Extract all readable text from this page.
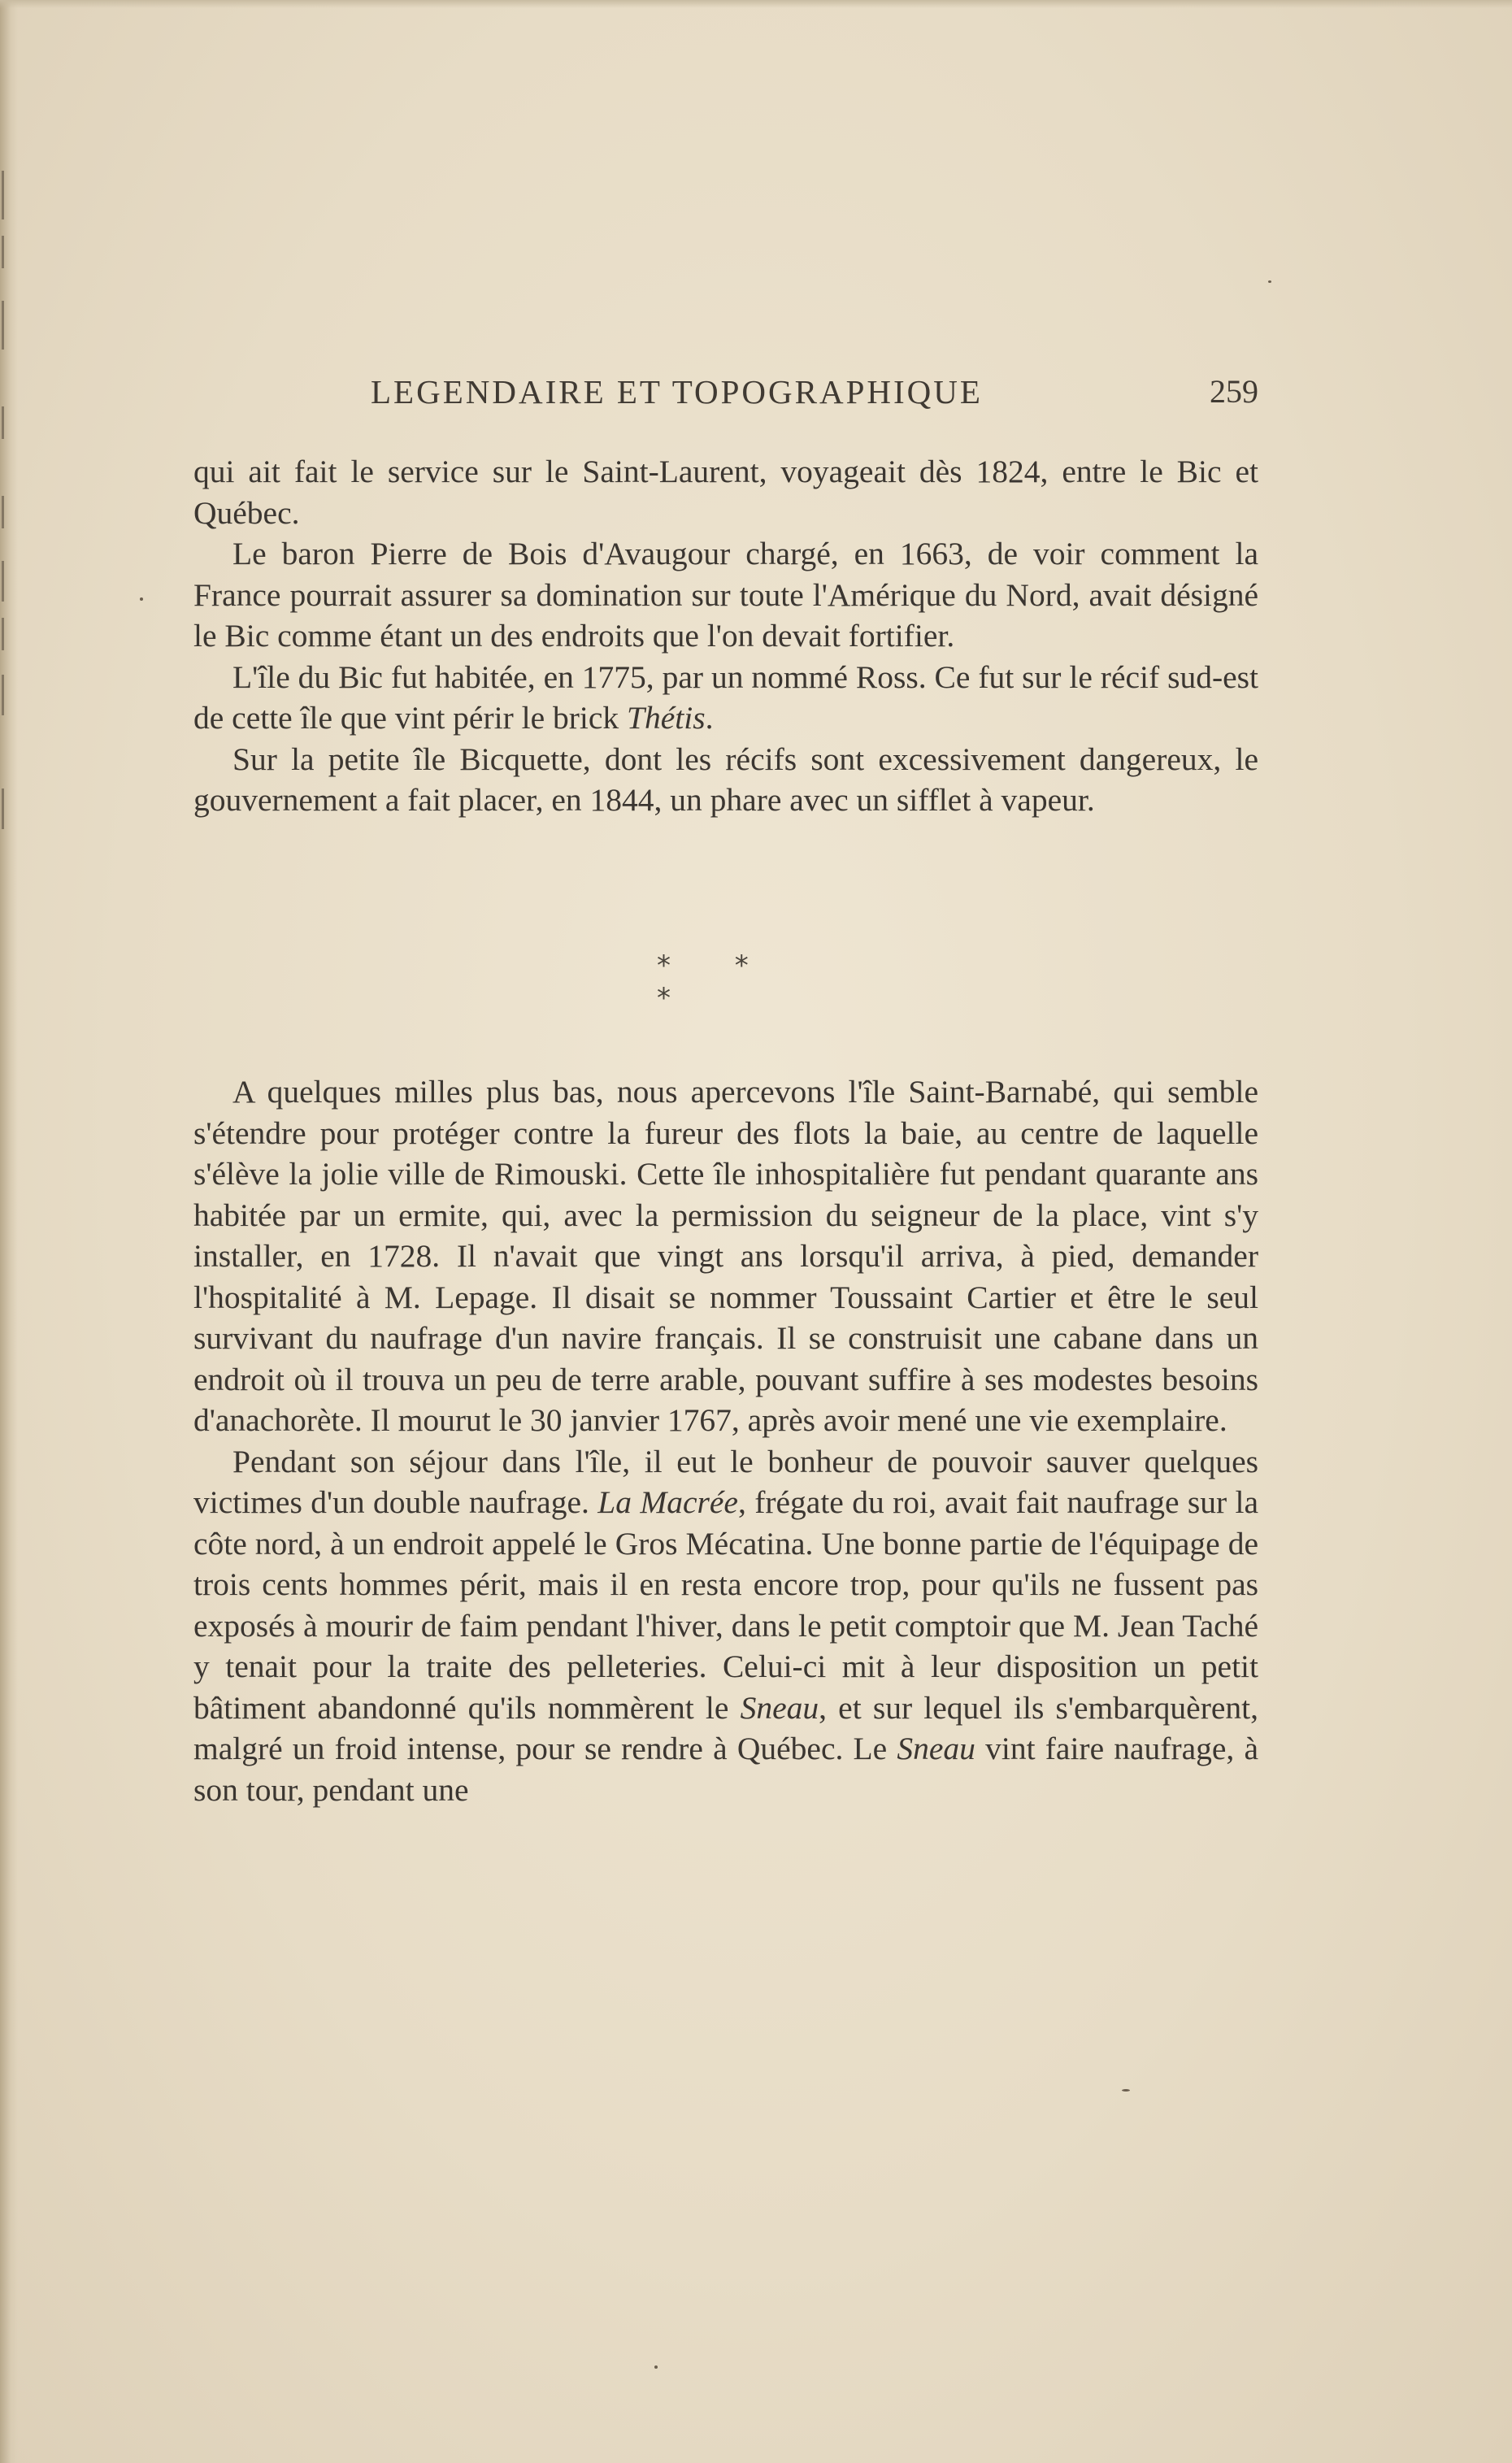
LEGENDAIRE ET TOPOGRAPHIQUE	259

qui ait fait le service sur le Saint-Laurent, voyageait dès 1824, entre le Bic et Québec.

Le baron Pierre de Bois d'Avaugour chargé, en 1663, de voir comment la France pourrait assurer sa domination sur toute l'Amérique du Nord, avait désigné le Bic comme étant un des endroits que l'on devait fortifier.

L'île du Bic fut habitée, en 1775, par un nommé Ross. Ce fut sur le récif sud-est de cette île que vint périr le brick Thétis.

Sur la petite île Bicquette, dont les récifs sont excessivement dangereux, le gouvernement a fait placer, en 1844, un phare avec un sifflet à vapeur.

* * *

A quelques milles plus bas, nous apercevons l'île Saint-Barnabé, qui semble s'étendre pour protéger contre la fureur des flots la baie, au centre de laquelle s'élève la jolie ville de Rimouski. Cette île inhospitalière fut pendant quarante ans habitée par un ermite, qui, avec la permission du seigneur de la place, vint s'y installer, en 1728. Il n'avait que vingt ans lorsqu'il arriva, à pied, demander l'hospitalité à M. Lepage. Il disait se nommer Toussaint Cartier et être le seul survivant du naufrage d'un navire français. Il se construisit une cabane dans un endroit où il trouva un peu de terre arable, pouvant suffire à ses modestes besoins d'anachorète. Il mourut le 30 janvier 1767, après avoir mené une vie exemplaire.

Pendant son séjour dans l'île, il eut le bonheur de pouvoir sauver quelques victimes d'un double naufrage. La Macrée, frégate du roi, avait fait naufrage sur la côte nord, à un endroit appelé le Gros Mécatina. Une bonne partie de l'équipage de trois cents hommes périt, mais il en resta encore trop, pour qu'ils ne fussent pas exposés à mourir de faim pendant l'hiver, dans le petit comptoir que M. Jean Taché y tenait pour la traite des pelleteries. Celui-ci mit à leur disposition un petit bâtiment abandonné qu'ils nommèrent le Sneau, et sur lequel ils s'embarquèrent, malgré un froid intense, pour se rendre à Québec. Le Sneau vint faire naufrage, à son tour, pendant une
